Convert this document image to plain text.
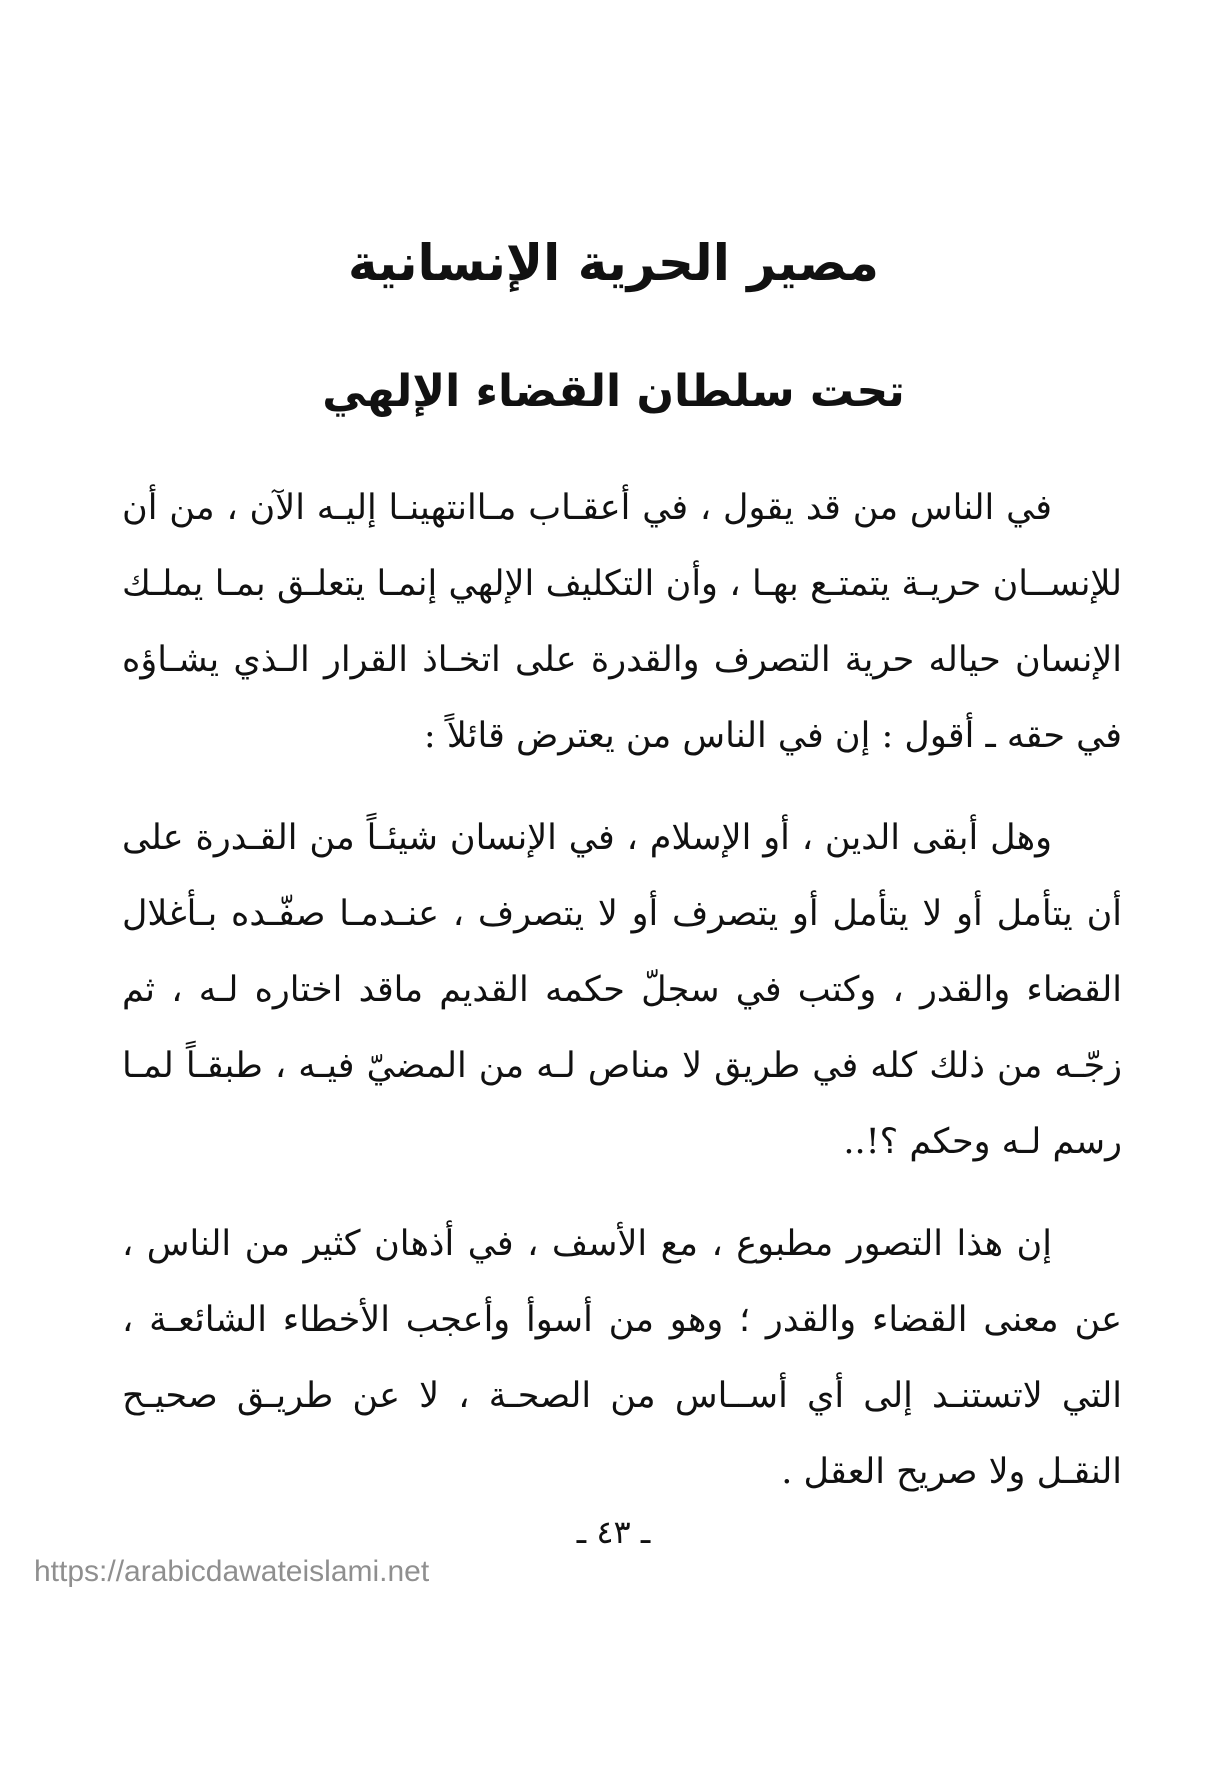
مصير الحرية الإنسانية
تحت سلطان القضاء الإلهي

في الناس من قد يقول ، في أعقـاب مـاانتهينـا إليـه الآن ، من أن للإنســان حريـة يتمتـع بهـا ، وأن التكليف الإلهي إنمـا يتعلـق بمـا يملـك الإنسان حياله حرية التصرف والقدرة على اتخـاذ القرار الـذي يشـاؤه في حقه ـ أقول : إن في الناس من يعترض قائلاً :

وهل أبقى الدين ، أو الإسلام ، في الإنسان شيئـاً من القـدرة على أن يتأمل أو لا يتأمل أو يتصرف أو لا يتصرف ، عنـدمـا صفّـده بـأغلال القضاء والقدر ، وكتب في سجلّ حكمه القديم ماقد اختاره لـه ، ثم زجّـه من ذلك كله في طريق لا مناص لـه من المضيّ فيـه ، طبقـاً لمـا رسم لـه وحكم ؟!..

إن هذا التصور مطبوع ، مع الأسف ، في أذهان كثير من الناس ، عن معنى القضاء والقدر ؛ وهو من أسوأ وأعجب الأخطاء الشائعـة ، التي لاتستنـد إلى أي أســاس من الصحـة ، لا عن طريـق صحيـح النقـل ولا صريح العقل .

ـ ٤٣ ـ
https://arabicdawateislami.net
